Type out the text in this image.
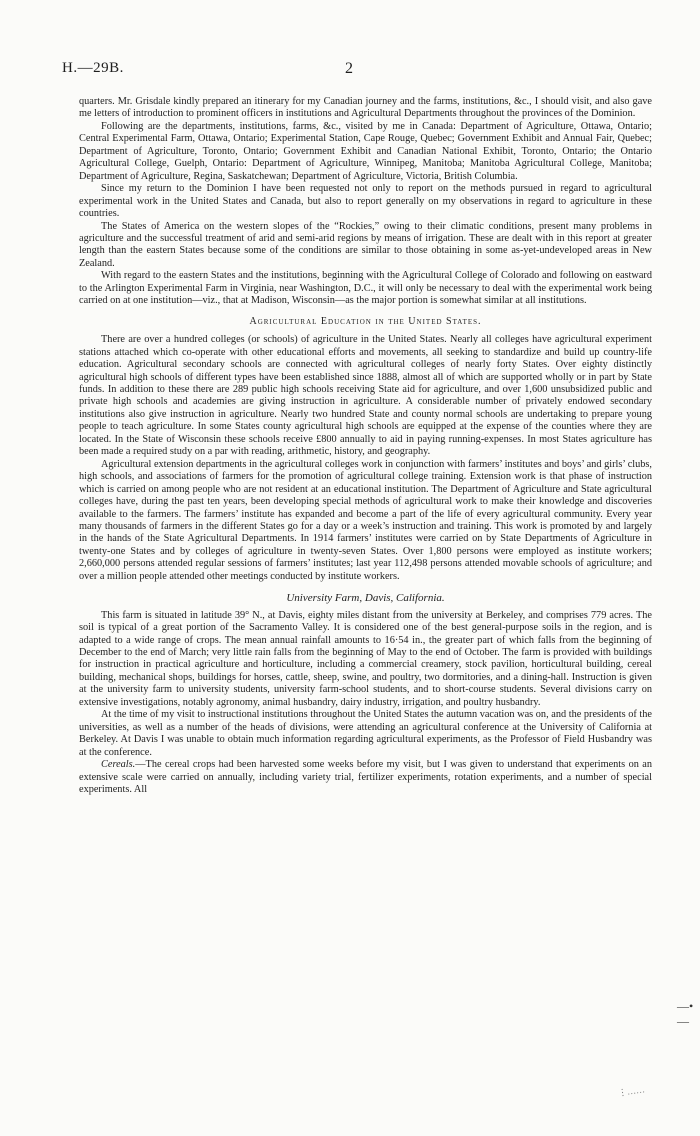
H.—29B.	2

quarters. Mr. Grisdale kindly prepared an itinerary for my Canadian journey and the farms, institutions, &c., I should visit, and also gave me letters of introduction to prominent officers in institutions and Agricultural Departments throughout the provinces of the Dominion.

Following are the departments, institutions, farms, &c., visited by me in Canada: Department of Agriculture, Ottawa, Ontario; Central Experimental Farm, Ottawa, Ontario; Experimental Station, Cape Rouge, Quebec; Government Exhibit and Annual Fair, Quebec; Department of Agriculture, Toronto, Ontario; Government Exhibit and Canadian National Exhibit, Toronto, Ontario; the Ontario Agricultural College, Guelph, Ontario: Department of Agriculture, Winnipeg, Manitoba; Manitoba Agricultural College, Manitoba; Department of Agriculture, Regina, Saskatchewan; Department of Agriculture, Victoria, British Columbia.

Since my return to the Dominion I have been requested not only to report on the methods pursued in regard to agricultural experimental work in the United States and Canada, but also to report generally on my observations in regard to agriculture in these countries.

The States of America on the western slopes of the “Rockies,” owing to their climatic conditions, present many problems in agriculture and the successful treatment of arid and semi-arid regions by means of irrigation. These are dealt with in this report at greater length than the eastern States because some of the conditions are similar to those obtaining in some as-yet-undeveloped areas in New Zealand.

With regard to the eastern States and the institutions, beginning with the Agricultural College of Colorado and following on eastward to the Arlington Experimental Farm in Virginia, near Washington, D.C., it will only be necessary to deal with the experimental work being carried on at one institution—viz., that at Madison, Wisconsin—as the major portion is somewhat similar at all institutions.

Agricultural Education in the United States.

There are over a hundred colleges (or schools) of agriculture in the United States. Nearly all colleges have agricultural experiment stations attached which co-operate with other educational efforts and movements, all seeking to standardize and build up country-life education. Agricultural secondary schools are connected with agricultural colleges of nearly forty States. Over eighty distinctly agricultural high schools of different types have been established since 1888, almost all of which are supported wholly or in part by State funds. In addition to these there are 289 public high schools receiving State aid for agriculture, and over 1,600 unsubsidized public and private high schools and academies are giving instruction in agriculture. A considerable number of privately endowed secondary institutions also give instruction in agriculture. Nearly two hundred State and county normal schools are undertaking to prepare young people to teach agriculture. In some States county agricultural high schools are equipped at the expense of the counties where they are located. In the State of Wisconsin these schools receive £800 annually to aid in paying running-expenses. In most States agriculture has been made a required study on a par with reading, arithmetic, history, and geography.

Agricultural extension departments in the agricultural colleges work in conjunction with farmers’ institutes and boys’ and girls’ clubs, high schools, and associations of farmers for the promotion of agricultural college training. Extension work is that phase of instruction which is carried on among people who are not resident at an educational institution. The Department of Agriculture and State agricultural colleges have, during the past ten years, been developing special methods of agricultural work to make their knowledge and discoveries available to the farmers. The farmers’ institute has expanded and become a part of the life of every agricultural community. Every year many thousands of farmers in the different States go for a day or a week’s instruction and training. This work is promoted by and largely in the hands of the State Agricultural Departments. In 1914 farmers’ institutes were carried on by State Departments of Agriculture in twenty-one States and by colleges of agriculture in twenty-seven States. Over 1,800 persons were employed as institute workers; 2,660,000 persons attended regular sessions of farmers’ institutes; last year 112,498 persons attended movable schools of agriculture; and over a million people attended other meetings conducted by institute workers.

University Farm, Davis, California.

This farm is situated in latitude 39° N., at Davis, eighty miles distant from the university at Berkeley, and comprises 779 acres. The soil is typical of a great portion of the Sacramento Valley. It is considered one of the best general-purpose soils in the region, and is adapted to a wide range of crops. The mean annual rainfall amounts to 16·54 in., the greater part of which falls from the beginning of December to the end of March; very little rain falls from the beginning of May to the end of October. The farm is provided with buildings for instruction in practical agriculture and horticulture, including a commercial creamery, stock pavilion, horticultural building, cereal building, mechanical shops, buildings for horses, cattle, sheep, swine, and poultry, two dormitories, and a dining-hall. Instruction is given at the university farm to university students, university farm-school students, and to short-course students. Several divisions carry on extensive investigations, notably agronomy, animal husbandry, dairy industry, irrigation, and poultry husbandry.

At the time of my visit to instructional institutions throughout the United States the autumn vacation was on, and the presidents of the universities, as well as a number of the heads of divisions, were attending an agricultural conference at the University of California at Berkeley. At Davis I was unable to obtain much information regarding agricultural experiments, as the Professor of Field Husbandry was at the conference.

Cereals.—The cereal crops had been harvested some weeks before my visit, but I was given to understand that experiments on an extensive scale were carried on annually, including variety trial, fertilizer experiments, rotation experiments, and a number of special experiments. All

—•—
⋮……
